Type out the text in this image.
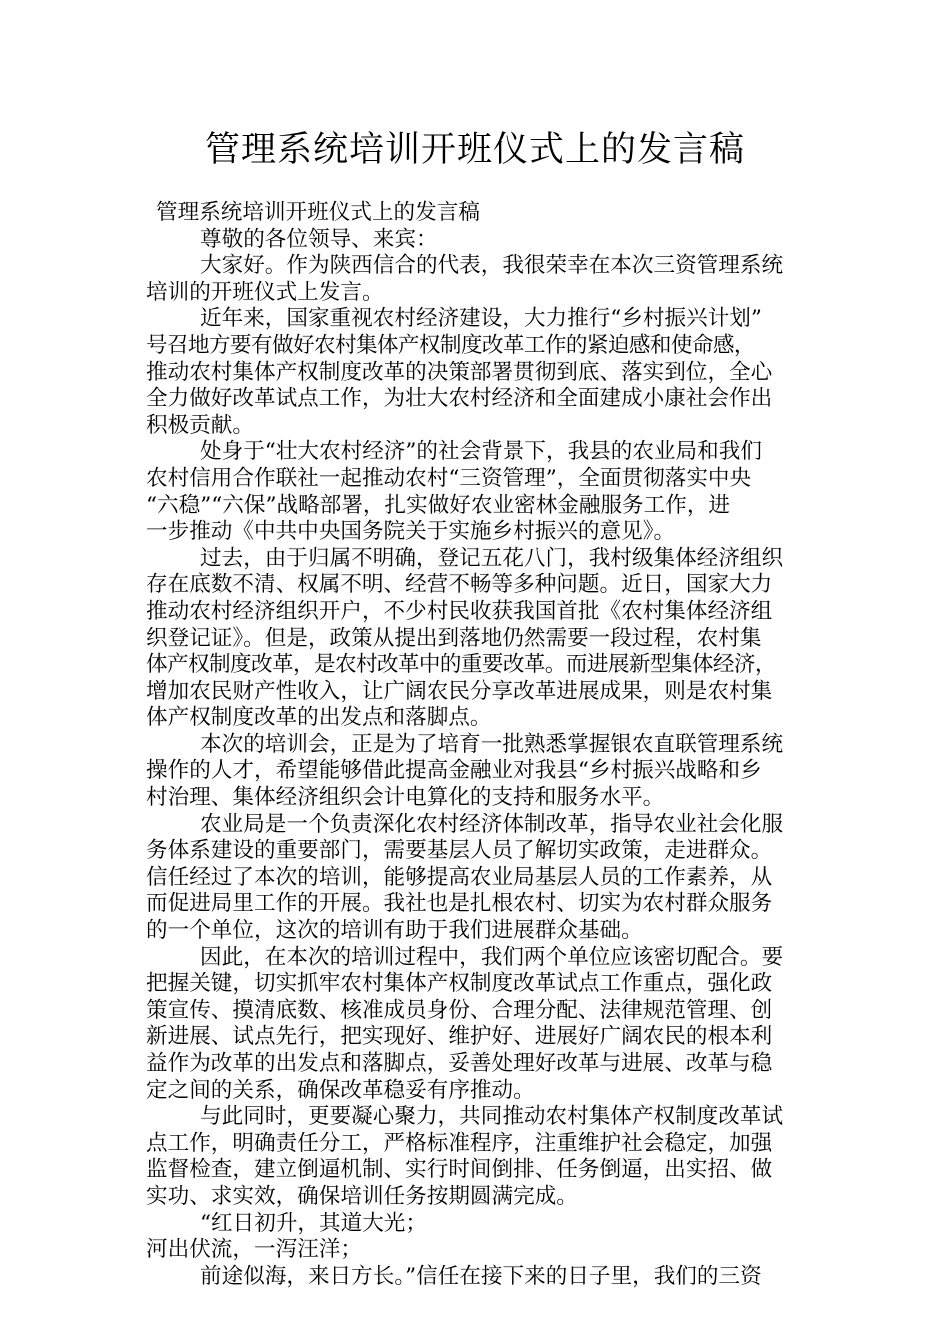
管理系统培训开班仪式上的发言稿
管理系统培训开班仪式上的发言稿
尊敬的各位领导、来宾：
大家好。作为陕西信合的代表，我很荣幸在本次三资管理系统
培训的开班仪式上发言。
近年来，国家重视农村经济建设，大力推行“乡村振兴计划”
号召地方要有做好农村集体产权制度改革工作的紧迫感和使命感，
推动农村集体产权制度改革的决策部署贯彻到底、落实到位，全心
全力做好改革试点工作，为壮大农村经济和全面建成小康社会作出
积极贡献。
处身于“壮大农村经济”的社会背景下，我县的农业局和我们
农村信用合作联社一起推动农村“三资管理”，全面贯彻落实中央
“六稳”“六保”战略部署，扎实做好农业密林金融服务工作，进
一步推动《中共中央国务院关于实施乡村振兴的意见》。
过去，由于归属不明确，登记五花八门，我村级集体经济组织
存在底数不清、权属不明、经营不畅等多种问题。近日，国家大力
推动农村经济组织开户，不少村民收获我国首批《农村集体经济组
织登记证》。但是，政策从提出到落地仍然需要一段过程，农村集
体产权制度改革，是农村改革中的重要改革。而进展新型集体经济，
增加农民财产性收入，让广阔农民分享改革进展成果，则是农村集
体产权制度改革的出发点和落脚点。
本次的培训会，正是为了培育一批熟悉掌握银农直联管理系统
操作的人才，希望能够借此提高金融业对我县“乡村振兴战略和乡
村治理、集体经济组织会计电算化的支持和服务水平。
农业局是一个负责深化农村经济体制改革，指导农业社会化服
务体系建设的重要部门，需要基层人员了解切实政策，走进群众。
信任经过了本次的培训，能够提高农业局基层人员的工作素养，从
而促进局里工作的开展。我社也是扎根农村、切实为农村群众服务
的一个单位，这次的培训有助于我们进展群众基础。
因此，在本次的培训过程中，我们两个单位应该密切配合。要
把握关键，切实抓牢农村集体产权制度改革试点工作重点，强化政
策宣传、摸清底数、核准成员身份、合理分配、法律规范管理、创
新进展、试点先行，把实现好、维护好、进展好广阔农民的根本利
益作为改革的出发点和落脚点，妥善处理好改革与进展、改革与稳
定之间的关系，确保改革稳妥有序推动。
与此同时，更要凝心聚力，共同推动农村集体产权制度改革试
点工作，明确责任分工，严格标准程序，注重维护社会稳定，加强
监督检查，建立倒逼机制、实行时间倒排、任务倒逼，出实招、做
实功、求实效，确保培训任务按期圆满完成。
“红日初升，其道大光；
河出伏流，一泻汪洋；
前途似海，来日方长。”信任在接下来的日子里，我们的三资
